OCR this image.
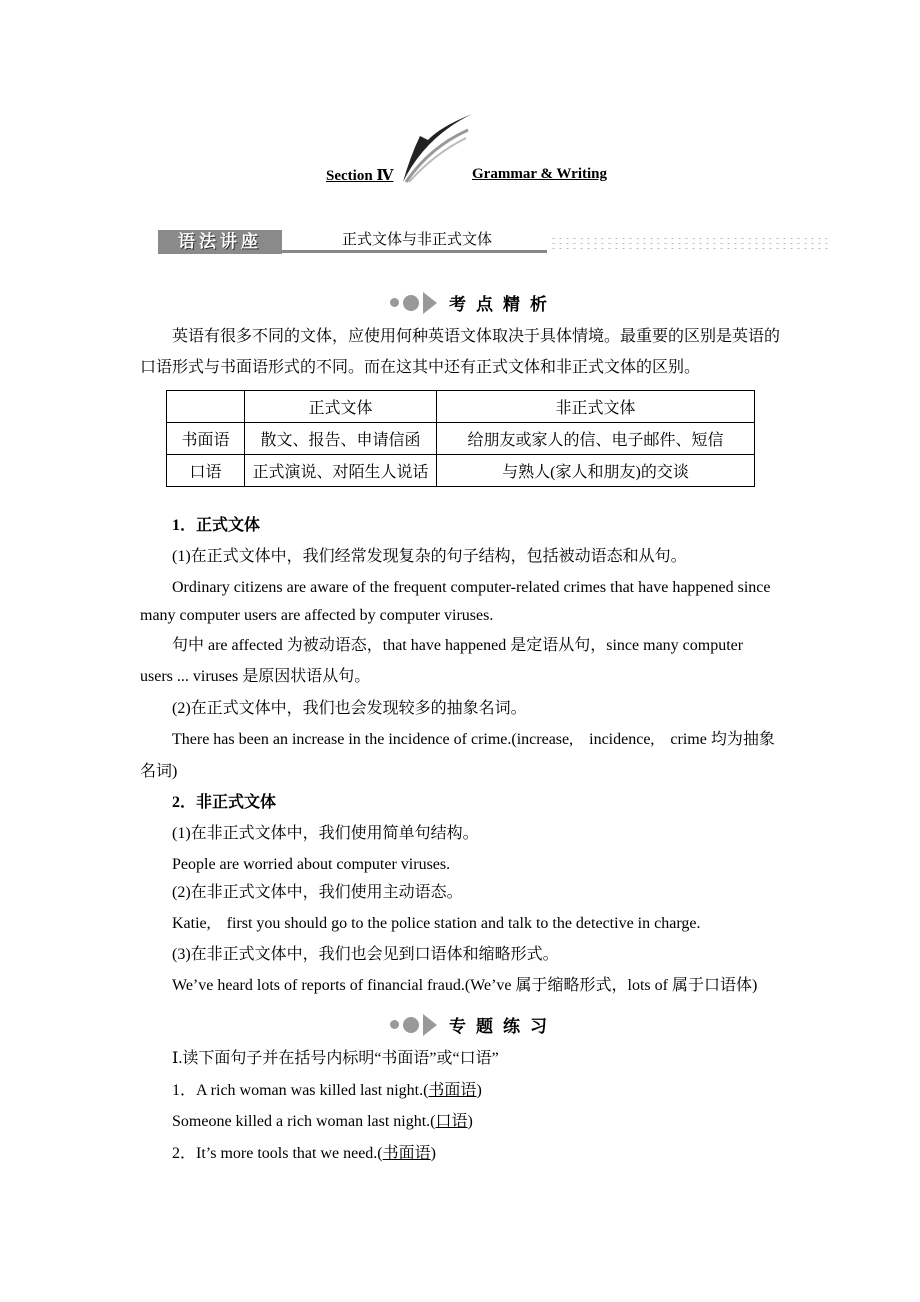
Section Ⅳ	Grammar & Writing
语法讲座	正式文体与非正式文体
考点精析
英语有很多不同的文体，应使用何种英语文体取决于具体情境。最重要的区别是英语的
口语形式与书面语形式的不同。而在这其中还有正式文体和非正式文体的区别。
	正式文体	非正式文体
书面语	散文、报告、申请信函	给朋友或家人的信、电子邮件、短信
口语	正式演说、对陌生人说话	与熟人(家人和朋友)的交谈
1．正式文体
(1)在正式文体中，我们经常发现复杂的句子结构，包括被动语态和从句。
Ordinary citizens are aware of the frequent computer-related crimes that have happened since
many computer users are affected by computer viruses.
句中 are affected 为被动语态，that have happened 是定语从句，since many computer
users ... viruses 是原因状语从句。
(2)在正式文体中，我们也会发现较多的抽象名词。
There has been an increase in the incidence of crime.(increase,　incidence,　crime 均为抽象
名词)
2．非正式文体
(1)在非正式文体中，我们使用简单句结构。
People are worried about computer viruses.
(2)在非正式文体中，我们使用主动语态。
Katie,　first you should go to the police station and talk to the detective in charge.
(3)在非正式文体中，我们也会见到口语体和缩略形式。
We’ve heard lots of reports of financial fraud.(We’ve 属于缩略形式，lots of 属于口语体)
专题练习
Ⅰ.读下面句子并在括号内标明“书面语”或“口语”
1．A rich woman was killed last night.(书面语)
Someone killed a rich woman last night.(口语)
2．It’s more tools that we need.(书面语)
